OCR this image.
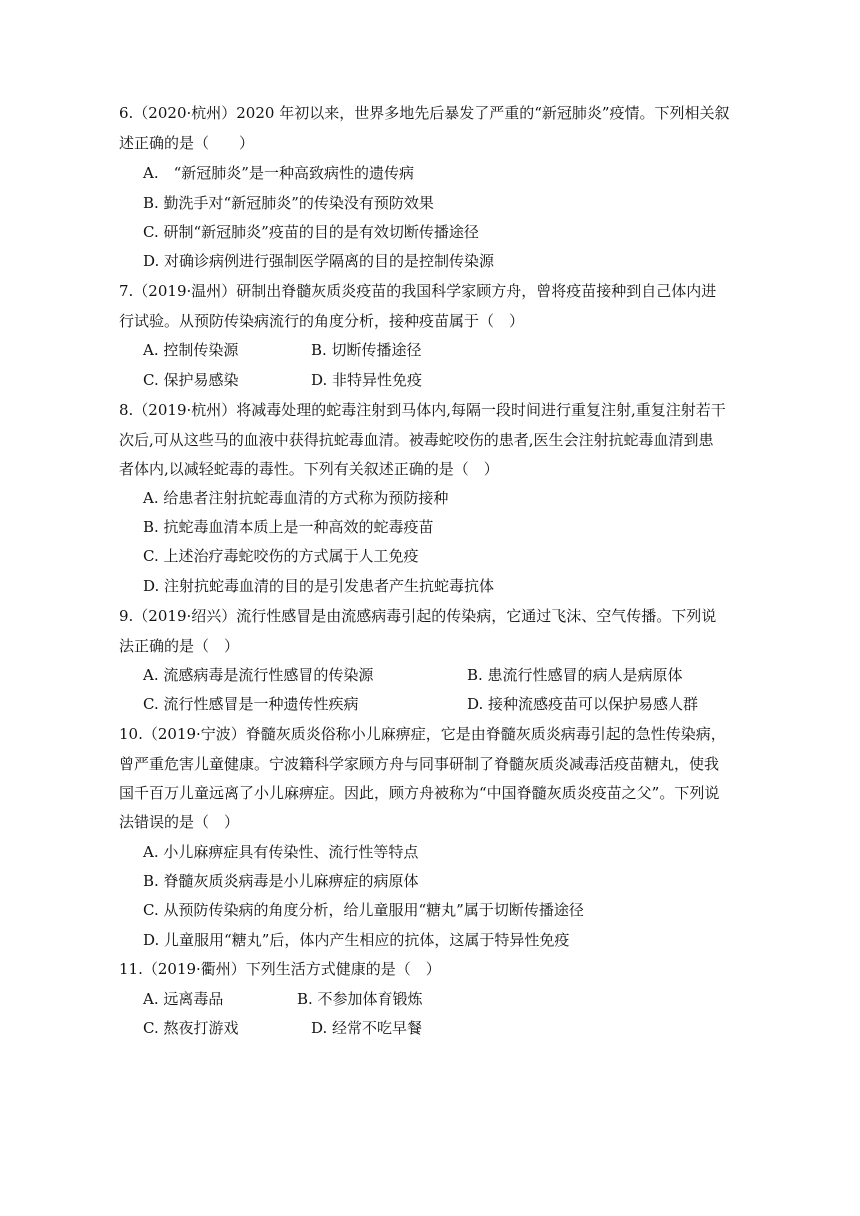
6.（2020·杭州）2020 年初以来，世界多地先后暴发了严重的“新冠肺炎”疫情。下列相关叙
述正确的是（　　）
A.　“新冠肺炎”是一种高致病性的遗传病
B. 勤洗手对“新冠肺炎”的传染没有预防效果
C. 研制“新冠肺炎”疫苗的目的是有效切断传播途径
D. 对确诊病例进行强制医学隔离的目的是控制传染源
7.（2019·温州）研制出脊髓灰质炎疫苗的我国科学家顾方舟，曾将疫苗接种到自己体内进
行试验。从预防传染病流行的角度分析，接种疫苗属于（　）
A. 控制传染源	B. 切断传播途径
C. 保护易感染	D. 非特异性免疫
8.（2019·杭州）将减毒处理的蛇毒注射到马体内,每隔一段时间进行重复注射,重复注射若干
次后,可从这些马的血液中获得抗蛇毒血清。被毒蛇咬伤的患者,医生会注射抗蛇毒血清到患
者体内,以减轻蛇毒的毒性。下列有关叙述正确的是（　）
A. 给患者注射抗蛇毒血清的方式称为预防接种
B. 抗蛇毒血清本质上是一种高效的蛇毒疫苗
C. 上述治疗毒蛇咬伤的方式属于人工免疫
D. 注射抗蛇毒血清的目的是引发患者产生抗蛇毒抗体
9.（2019·绍兴）流行性感冒是由流感病毒引起的传染病，它通过飞沫、空气传播。下列说
法正确的是（　）
A. 流感病毒是流行性感冒的传染源	B. 患流行性感冒的病人是病原体
C. 流行性感冒是一种遗传性疾病	D. 接种流感疫苗可以保护易感人群
10.（2019·宁波）脊髓灰质炎俗称小儿麻痹症，它是由脊髓灰质炎病毒引起的急性传染病，
曾严重危害儿童健康。宁波籍科学家顾方舟与同事研制了脊髓灰质炎减毒活疫苗糖丸，使我
国千百万儿童远离了小儿麻痹症。因此，顾方舟被称为“中国脊髓灰质炎疫苗之父”。下列说
法错误的是（　）
A. 小儿麻痹症具有传染性、流行性等特点
B. 脊髓灰质炎病毒是小儿麻痹症的病原体
C. 从预防传染病的角度分析，给儿童服用“糖丸”属于切断传播途径
D. 儿童服用“糖丸”后，体内产生相应的抗体，这属于特异性免疫
11.（2019·衢州）下列生活方式健康的是（　）
A. 远离毒品	B. 不参加体育锻炼
C. 熬夜打游戏	D. 经常不吃早餐
